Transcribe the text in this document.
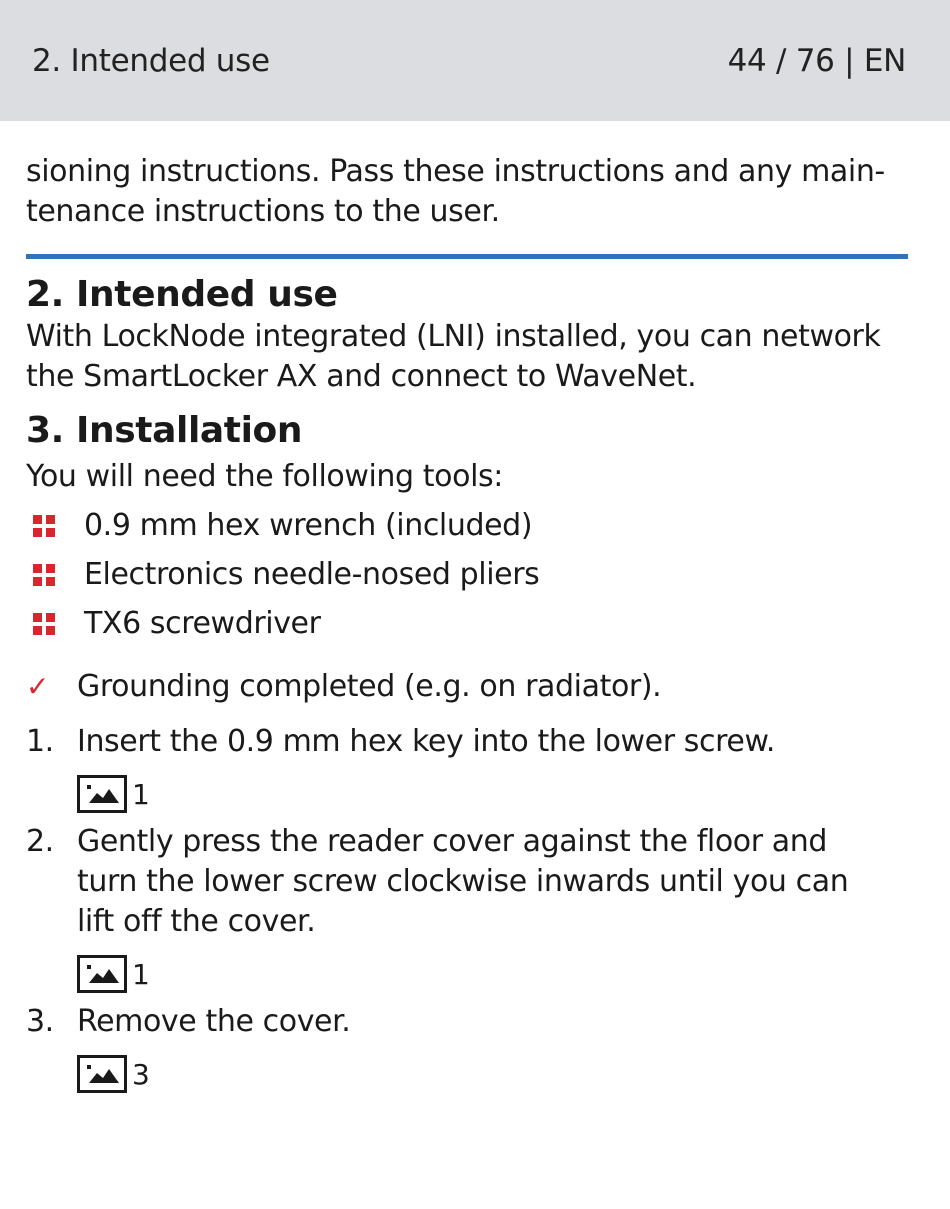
2. Intended use	44 / 76 | EN

sioning instructions. Pass these instructions and any main-tenance instructions to the user.

2. Intended use

With LockNode integrated (LNI) installed, you can network the SmartLocker AX and connect to WaveNet.

3. Installation

You will need the following tools:

0.9 mm hex wrench (included)
Electronics needle-nosed pliers
TX6 screwdriver
✓ Grounding completed (e.g. on radiator).
1. Insert the 0.9 mm hex key into the lower screw.
1
2. Gently press the reader cover against the floor and turn the lower screw clockwise inwards until you can lift off the cover.
1
3. Remove the cover.
3
